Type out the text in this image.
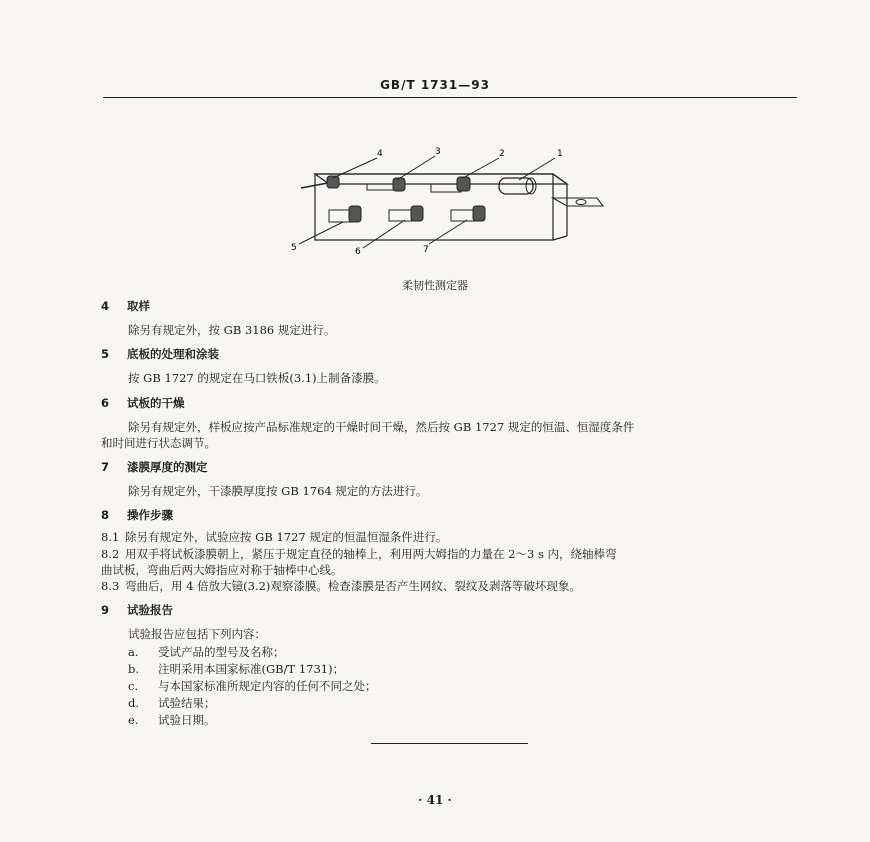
GB/T 1731—93
4	3	2	1
5	6	7
柔韧性测定器
4 取样
除另有规定外，按 GB 3186 规定进行。
5 底板的处理和涂装
按 GB 1727 的规定在马口铁板(3.1)上制备漆膜。
6 试板的干燥
除另有规定外，样板应按产品标准规定的干燥时间干燥，然后按 GB 1727 规定的恒温、恒湿度条件
和时间进行状态调节。
7 漆膜厚度的测定
除另有规定外，干漆膜厚度按 GB 1764 规定的方法进行。
8 操作步骤
8.1 除另有规定外，试验应按 GB 1727 规定的恒温恒湿条件进行。
8.2 用双手将试板漆膜朝上，紧压于规定直径的轴棒上，利用两大姆指的力量在 2～3 s 内，绕轴棒弯
曲试板，弯曲后两大姆指应对称于轴棒中心线。
8.3 弯曲后，用 4 倍放大镜(3.2)观察漆膜。检查漆膜是否产生网纹、裂纹及剥落等破坏现象。
9 试验报告
试验报告应包括下列内容：
a. 受试产品的型号及名称；
b. 注明采用本国家标准(GB/T 1731)；
c. 与本国家标准所规定内容的任何不同之处；
d. 试验结果；
e. 试验日期。
· 41 ·
